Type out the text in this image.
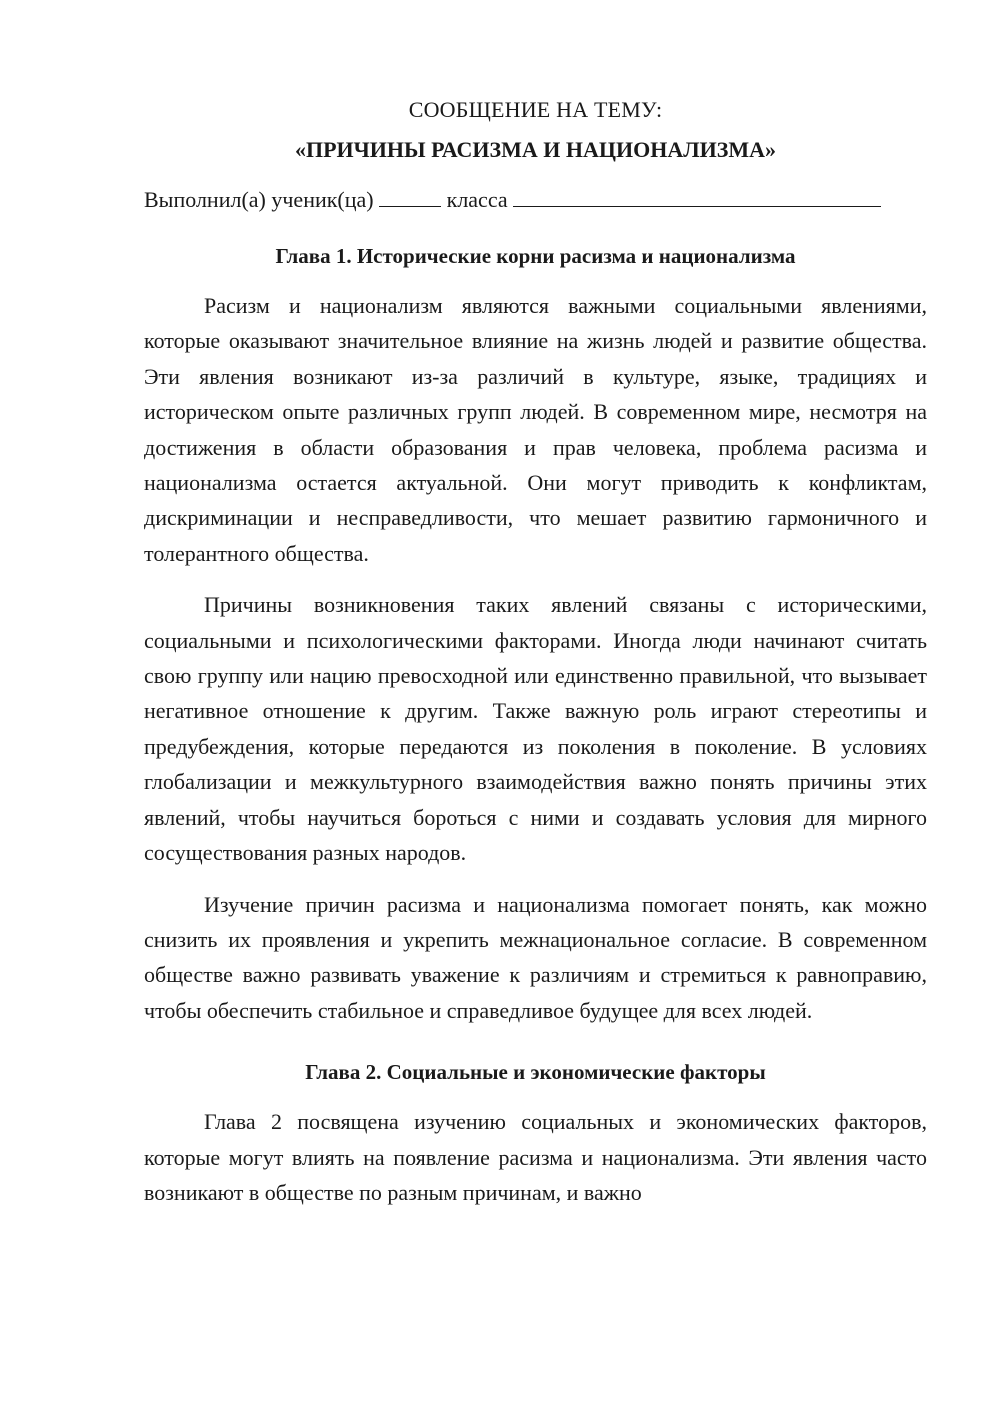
СООБЩЕНИЕ НА ТЕМУ:

«ПРИЧИНЫ РАСИЗМА И НАЦИОНАЛИЗМА»

Выполнил(а) ученик(ца)	класса

Глава 1. Исторические корни расизма и национализма

Расизм и национализм являются важными социальными явлениями, которые оказывают значительное влияние на жизнь людей и развитие общества. Эти явления возникают из-за различий в культуре, языке, традициях и историческом опыте различных групп людей. В современном мире, несмотря на достижения в области образования и прав человека, проблема расизма и национализма остается актуальной. Они могут приводить к конфликтам, дискриминации и несправедливости, что мешает развитию гармоничного и толерантного общества.

Причины возникновения таких явлений связаны с историческими, социальными и психологическими факторами. Иногда люди начинают считать свою группу или нацию превосходной или единственно правильной, что вызывает негативное отношение к другим. Также важную роль играют стереотипы и предубеждения, которые передаются из поколения в поколение. В условиях глобализации и межкультурного взаимодействия важно понять причины этих явлений, чтобы научиться бороться с ними и создавать условия для мирного сосуществования разных народов.

Изучение причин расизма и национализма помогает понять, как можно снизить их проявления и укрепить межнациональное согласие. В современном обществе важно развивать уважение к различиям и стремиться к равноправию, чтобы обеспечить стабильное и справедливое будущее для всех людей.

Глава 2. Социальные и экономические факторы

Глава 2 посвящена изучению социальных и экономических факторов, которые могут влиять на появление расизма и национализма. Эти явления часто возникают в обществе по разным причинам, и важно
